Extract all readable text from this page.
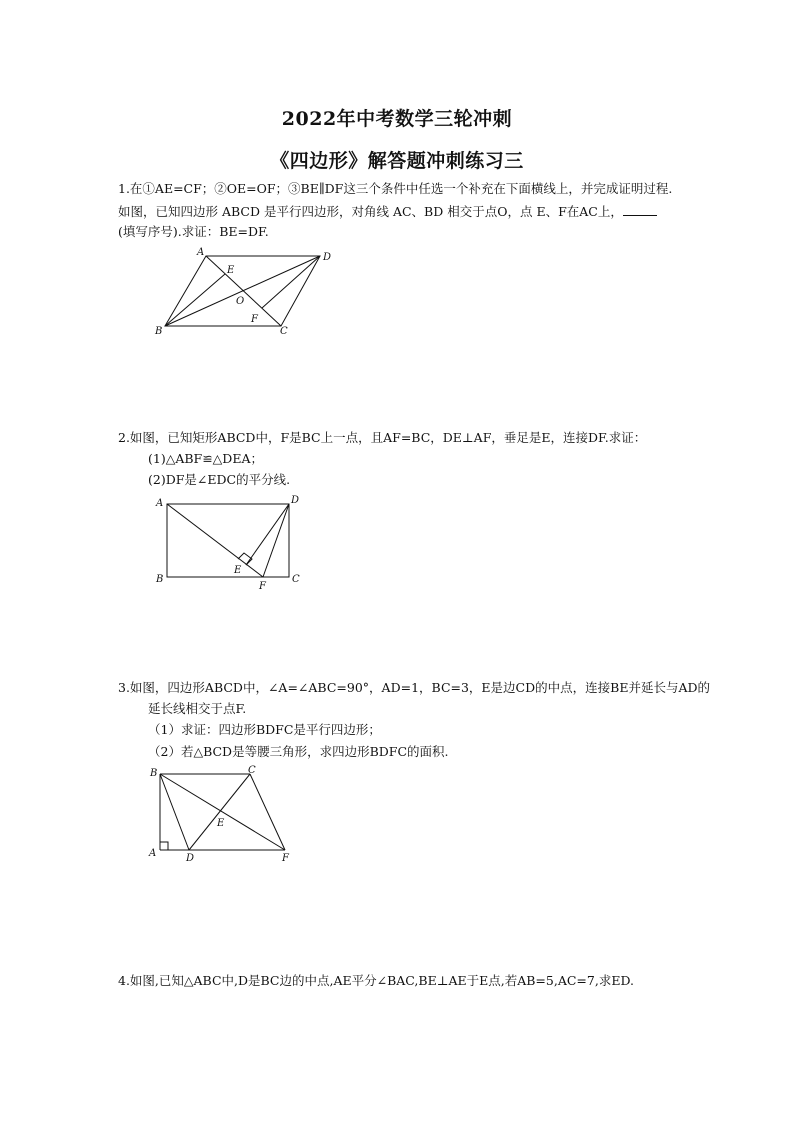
2022年中考数学三轮冲刺
《四边形》解答题冲刺练习三
1.在①AE=CF；②OE=OF；③BE∥DF这三个条件中任选一个补充在下面横线上，并完成证明过程.
如图，已知四边形 ABCD 是平行四边形，对角线 AC、BD 相交于点O，点 E、F在AC上，
(填写序号).求证：BE=DF.
A	D
E
O
F
C
B
2.如图，已知矩形ABCD中，F是BC上一点，且AF=BC，DE⊥AF，垂足是E，连接DF.求证：
(1)△ABF≌△DEA；
(2)DF是∠EDC的平分线.
A	D
E
B
F
C
3.如图，四边形ABCD中，∠A=∠ABC=90°，AD=1，BC=3，E是边CD的中点，连接BE并延长与AD的
延长线相交于点F.
（1）求证：四边形BDFC是平行四边形；
（2）若△BCD是等腰三角形，求四边形BDFC的面积.
B	C
E
A	D	F
4.如图,已知△ABC中,D是BC边的中点,AE平分∠BAC,BE⊥AE于E点,若AB=5,AC=7,求ED.
